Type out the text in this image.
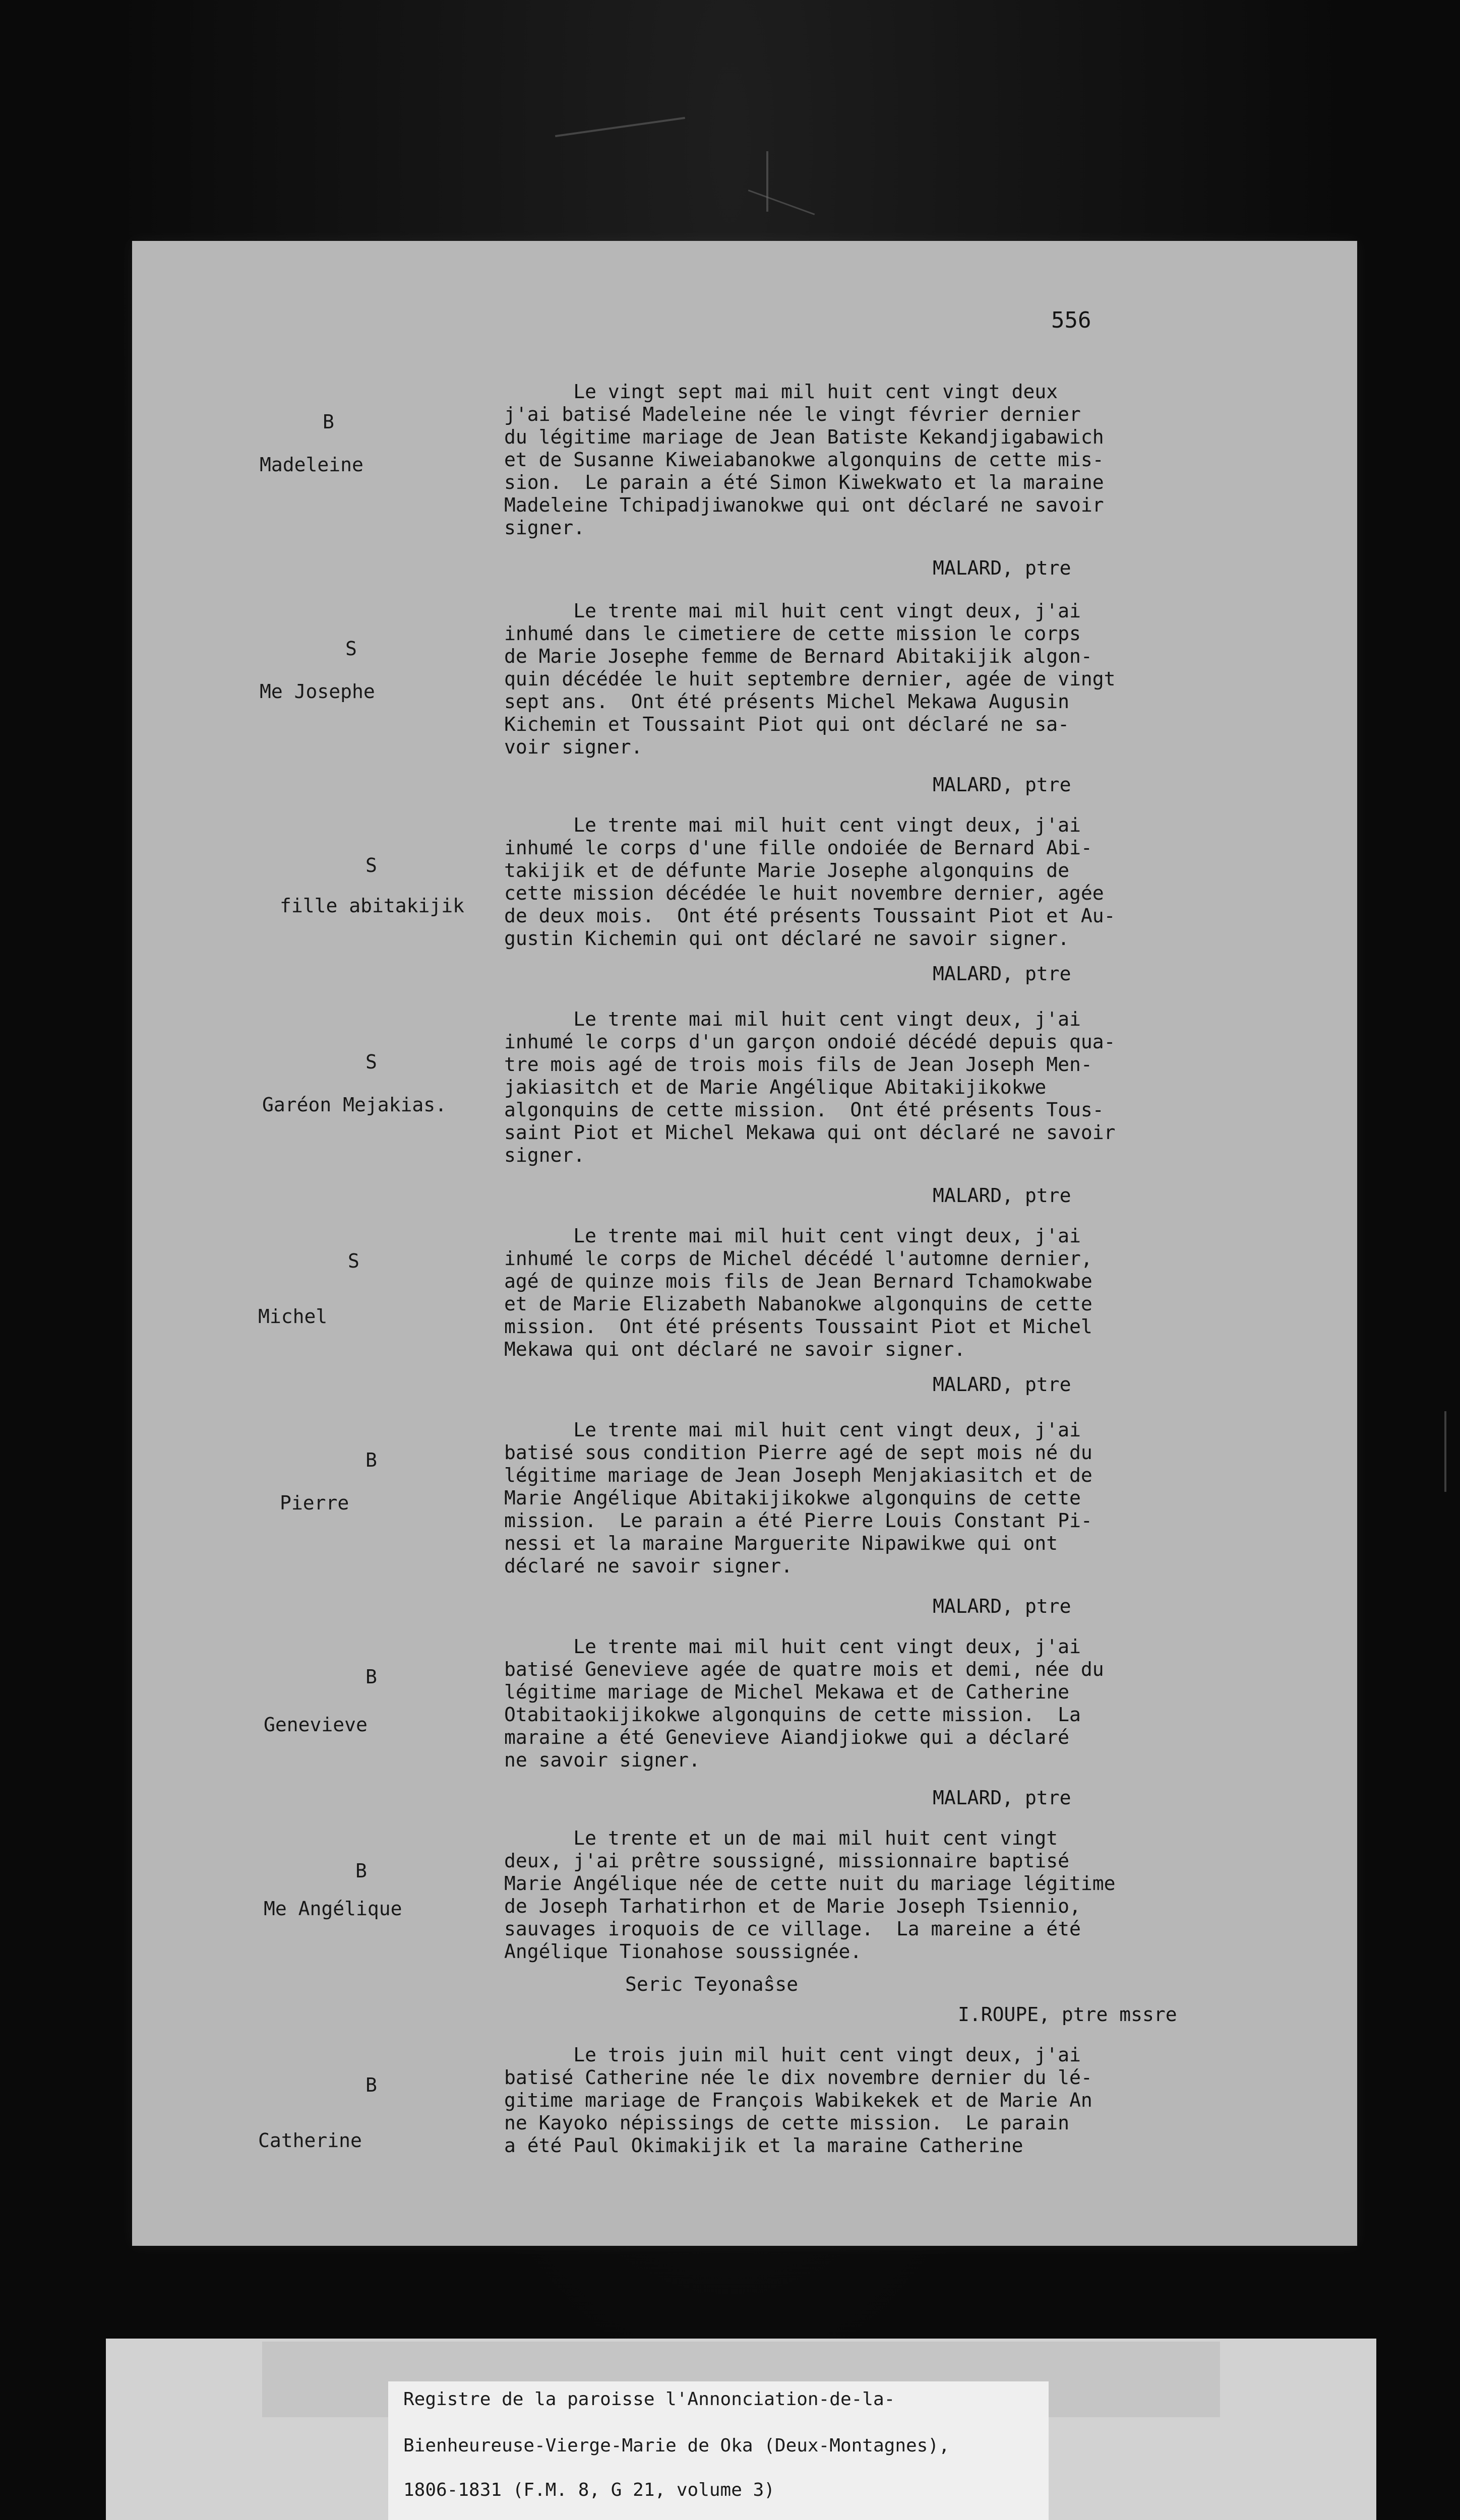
556
B
Madeleine
Le vingt sept mai mil huit cent vingt deux
j'ai batisé Madeleine née le vingt février dernier
du légitime mariage de Jean Batiste Kekandjigabawich
et de Susanne Kiweiabanokwe algonquins de cette mis-
sion.  Le parain a été Simon Kiwekwato et la maraine
Madeleine Tchipadjiwanokwe qui ont déclaré ne savoir
signer.
MALARD, ptre
S
Me Josephe
Le trente mai mil huit cent vingt deux, j'ai
inhumé dans le cimetiere de cette mission le corps
de Marie Josephe femme de Bernard Abitakijik algon-
quin décédée le huit septembre dernier, agée de vingt
sept ans.  Ont été présents Michel Mekawa Augusin
Kichemin et Toussaint Piot qui ont déclaré ne sa-
voir signer.
MALARD, ptre
S
fille abitakijik
Le trente mai mil huit cent vingt deux, j'ai
inhumé le corps d'une fille ondoiée de Bernard Abi-
takijik et de défunte Marie Josephe algonquins de
cette mission décédée le huit novembre dernier, agée
de deux mois.  Ont été présents Toussaint Piot et Au-
gustin Kichemin qui ont déclaré ne savoir signer.
MALARD, ptre
S
Garéon Mejakias.
Le trente mai mil huit cent vingt deux, j'ai
inhumé le corps d'un garçon ondoié décédé depuis qua-
tre mois agé de trois mois fils de Jean Joseph Men-
jakiasitch et de Marie Angélique Abitakijikokwe
algonquins de cette mission.  Ont été présents Tous-
saint Piot et Michel Mekawa qui ont déclaré ne savoir
signer.
MALARD, ptre
S
Michel
Le trente mai mil huit cent vingt deux, j'ai
inhumé le corps de Michel décédé l'automne dernier,
agé de quinze mois fils de Jean Bernard Tchamokwabe
et de Marie Elizabeth Nabanokwe algonquins de cette
mission.  Ont été présents Toussaint Piot et Michel
Mekawa qui ont déclaré ne savoir signer.
MALARD, ptre
B
Pierre
Le trente mai mil huit cent vingt deux, j'ai
batisé sous condition Pierre agé de sept mois né du
légitime mariage de Jean Joseph Menjakiasitch et de
Marie Angélique Abitakijikokwe algonquins de cette
mission.  Le parain a été Pierre Louis Constant Pi-
nessi et la maraine Marguerite Nipawikwe qui ont
déclaré ne savoir signer.
MALARD, ptre
B
Genevieve
Le trente mai mil huit cent vingt deux, j'ai
batisé Genevieve agée de quatre mois et demi, née du
légitime mariage de Michel Mekawa et de Catherine
Otabitaokijikokwe algonquins de cette mission.  La
maraine a été Genevieve Aiandjiokwe qui a déclaré
ne savoir signer.
MALARD, ptre
B
Me Angélique
Le trente et un de mai mil huit cent vingt
deux, j'ai prêtre soussigné, missionnaire baptisé
Marie Angélique née de cette nuit du mariage légitime
de Joseph Tarhatirhon et de Marie Joseph Tsiennio,
sauvages iroquois de ce village.  La mareine a été
Angélique Tionahose soussignée.
Seric Teyonaŝse
I.ROUPE, ptre mssre
B
Catherine
Le trois juin mil huit cent vingt deux, j'ai
batisé Catherine née le dix novembre dernier du lé-
gitime mariage de François Wabikekek et de Marie An
ne Kayoko népissings de cette mission.  Le parain
a été Paul Okimakijik et la maraine Catherine
Registre de la paroisse l'Annonciation-de-la-
Bienheureuse-Vierge-Marie de Oka (Deux-Montagnes),
1806-1831 (F.M. 8, G 21, volume 3)
